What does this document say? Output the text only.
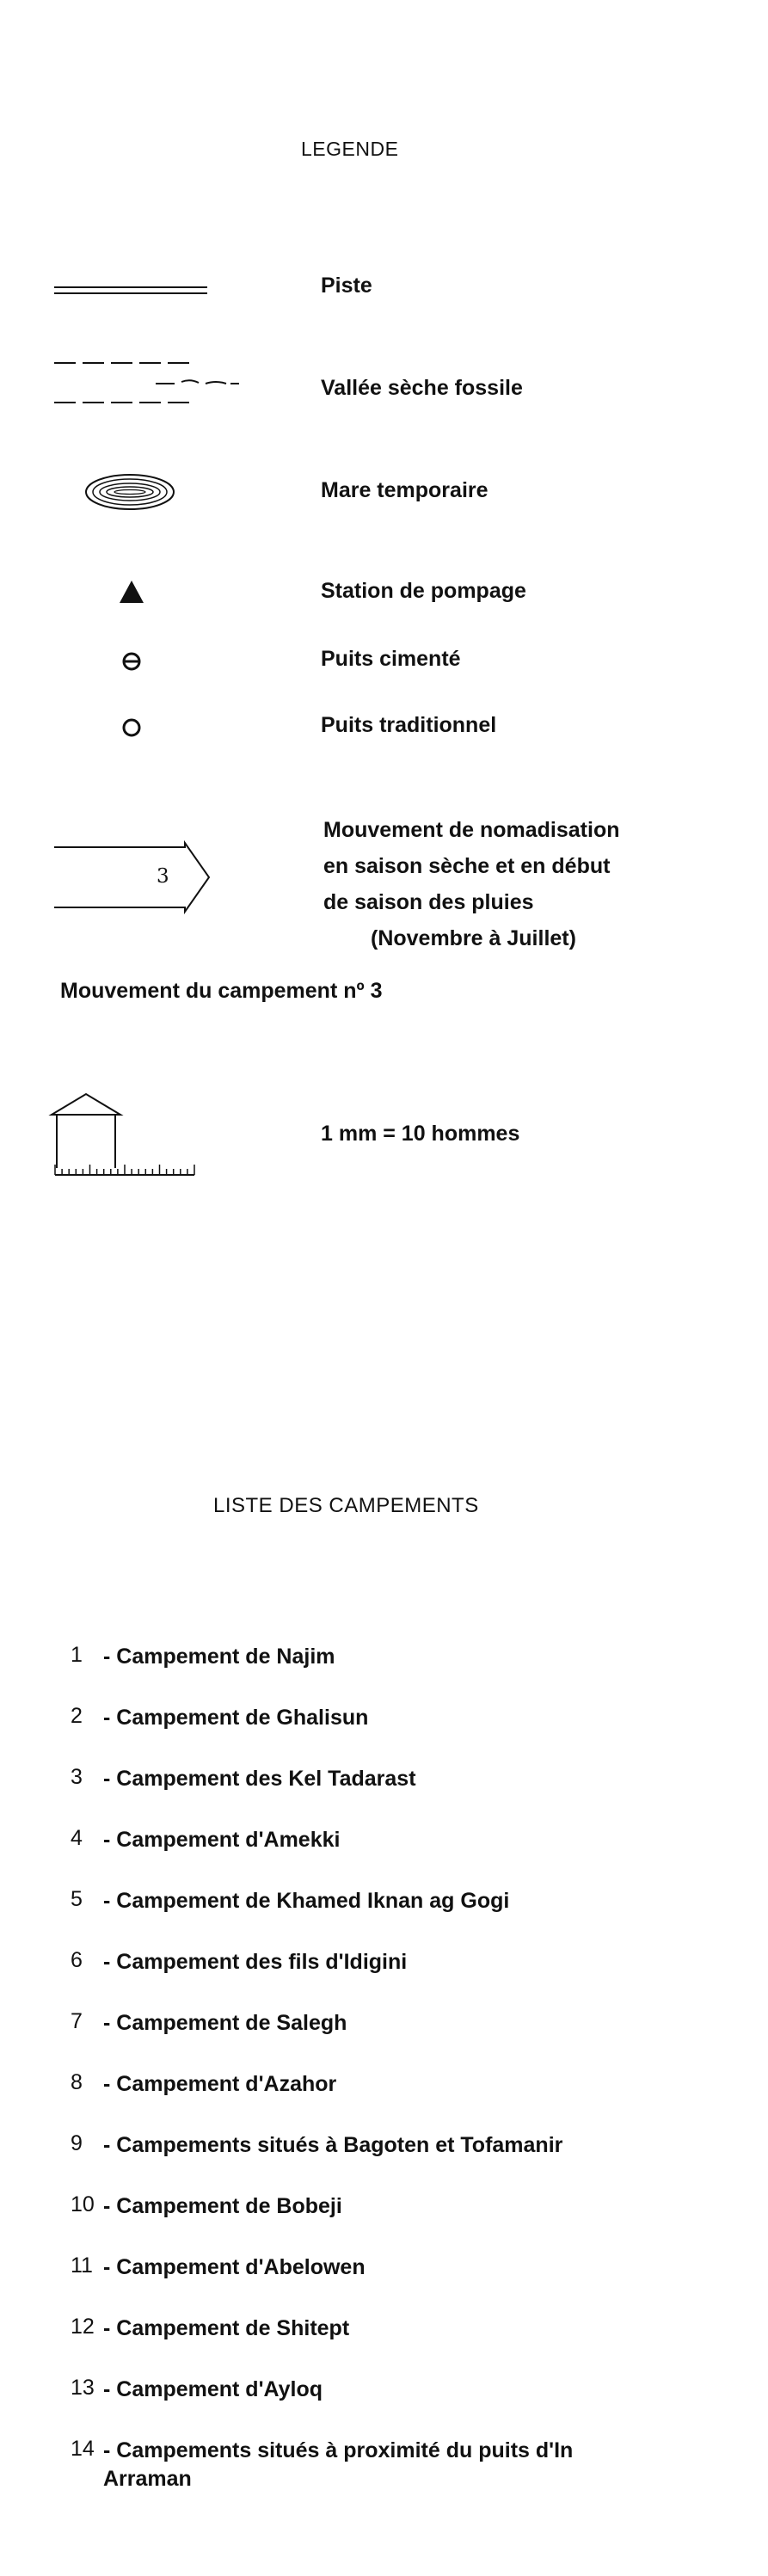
LEGENDE
Piste
Vallée sèche fossile
Mare temporaire
Station de pompage
Puits cimenté
Puits traditionnel
3
Mouvement de nomadisation
en saison sèche et en début
de saison des pluies
(Novembre à Juillet)
Mouvement du campement nº 3
1 mm = 10 hommes
LISTE DES CAMPEMENTS
1 - Campement de Najim
2 - Campement de Ghalisun
3 - Campement des Kel Tadarast
4 - Campement d'Amekki
5 - Campement de Khamed Iknan ag Gogi
6 - Campement des fils d'Idigini
7 - Campement de Salegh
8 - Campement d'Azahor
9 - Campements situés à Bagoten et Tofamanir
10 - Campement de Bobeji
11 - Campement d'Abelowen
12 - Campement de Shitept
13 - Campement d'Ayloq
14 - Campements situés à proximité du puits d'In Arraman
